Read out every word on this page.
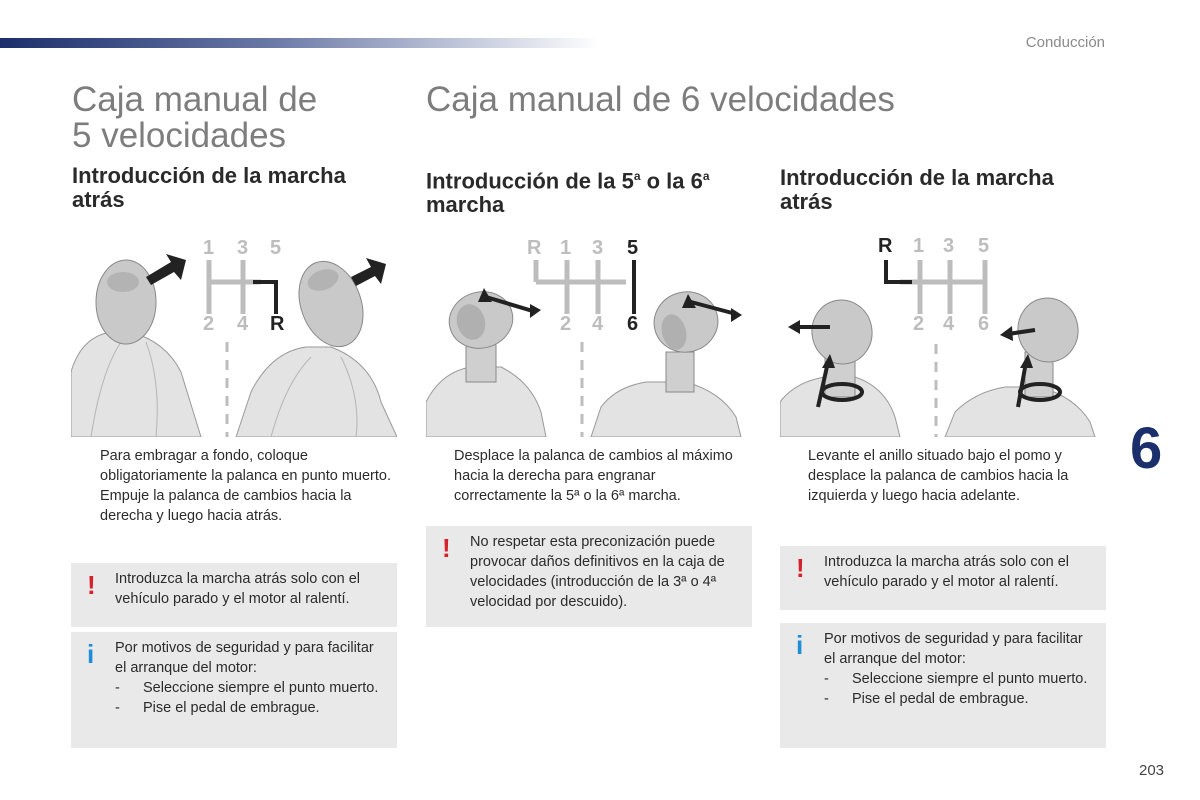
Conducción
Caja manual de
5 velocidades
Caja manual de 6 velocidades
Introducción de la marcha
atrás
Introducción de la 5$^a$ o la 6$^a$
marcha
Introducción de la marcha
atrás
1 3 5
2 4 R
R 1 3 5
2 4 6
R 1 3 5
2 4 6

Para embragar a fondo, coloque obligatoriamente la palanca en punto muerto.

Empuje la palanca de cambios hacia la derecha y luego hacia atrás.

! Introduzca la marcha atrás solo con el vehículo parado y el motor al ralentí.
i Por motivos de seguridad y para facilitar el arranque del motor:
- Seleccione siempre el punto muerto.
- Pise el pedal de embrague.

Desplace la palanca de cambios al máximo hacia la derecha para engranar correctamente la 5ª o la 6ª marcha.

! No respetar esta preconización puede provocar daños definitivos en la caja de velocidades (introducción de la 3ª o 4ª velocidad por descuido).

Levante el anillo situado bajo el pomo y desplace la palanca de cambios hacia la izquierda y luego hacia adelante.

! Introduzca la marcha atrás solo con el vehículo parado y el motor al ralentí.
i Por motivos de seguridad y para facilitar el arranque del motor:
- Seleccione siempre el punto muerto.
- Pise el pedal de embrague.
6
203
